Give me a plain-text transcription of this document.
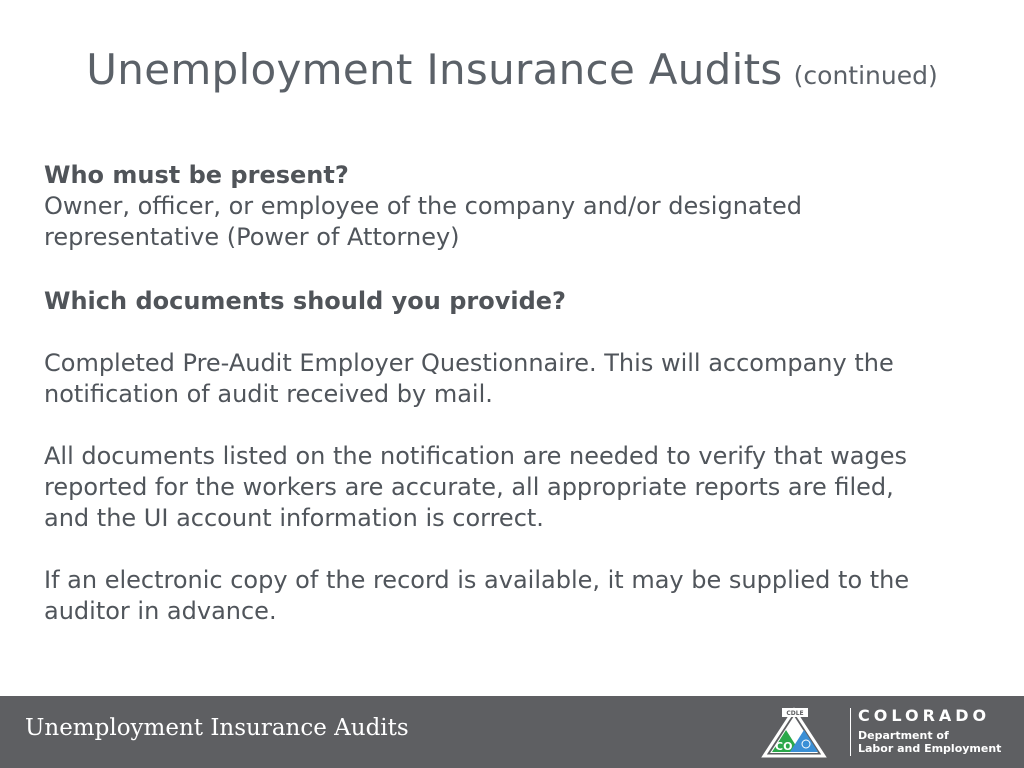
Unemployment Insurance Audits (continued)

Who must be present?

Owner, officer, or employee of the company and/or designated

representative (Power of Attorney)

Which documents should you provide?

Completed Pre-Audit Employer Questionnaire. This will accompany the

notification of audit received by mail.

All documents listed on the notification are needed to verify that wages

reported for the workers are accurate, all appropriate reports are filed,

and the UI account information is correct.

If an electronic copy of the record is available, it may be supplied to the

auditor in advance.

Unemployment Insurance Audits
CO
CDLE	COLORADO
Department of
Labor and Employment
